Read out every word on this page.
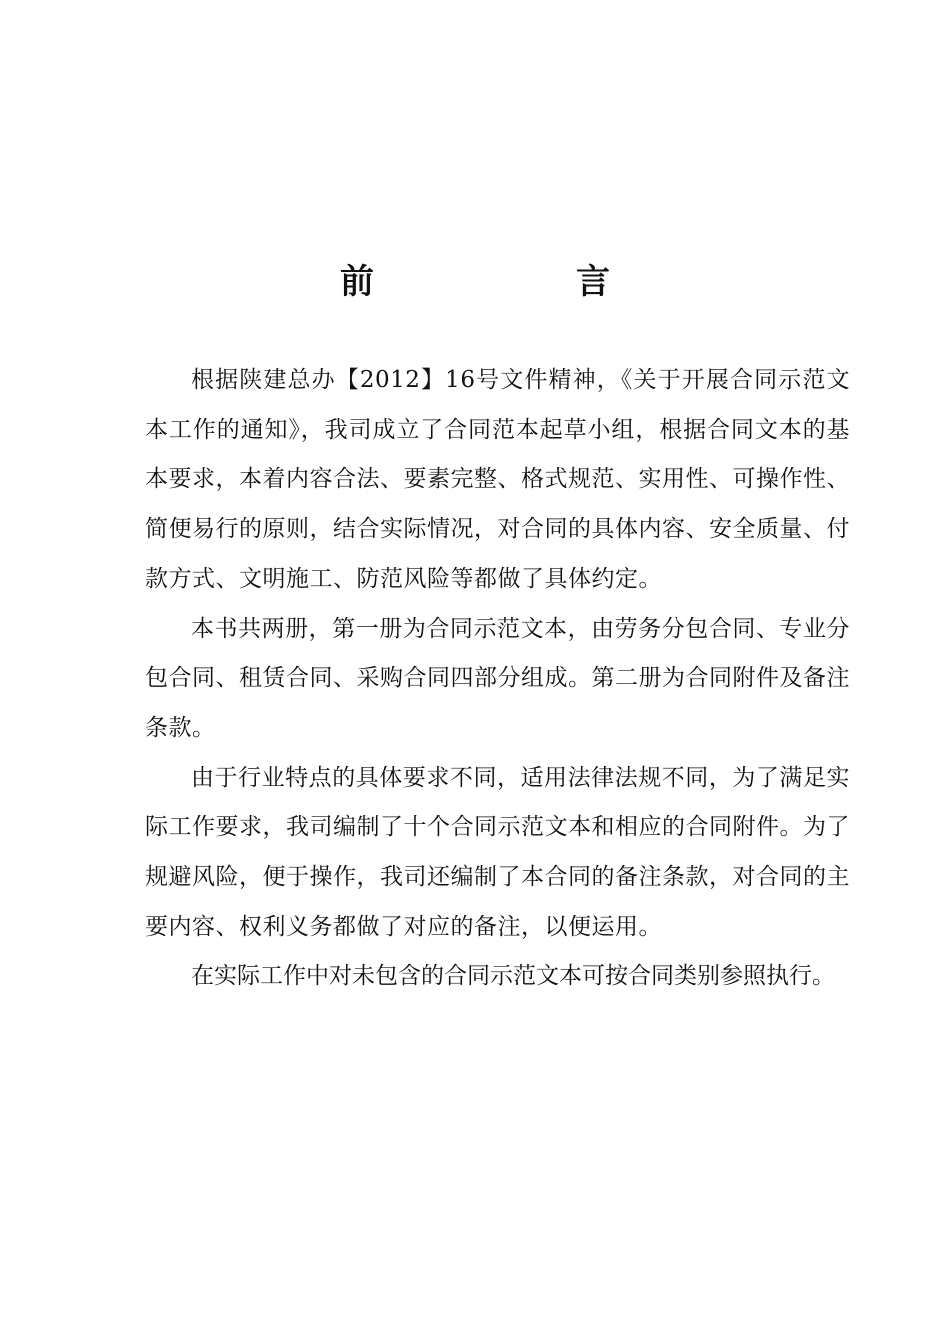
前　言

根据陕建总办【2012】16号文件精神，《关于开展合同示范文本工作的通知》，我司成立了合同范本起草小组，根据合同文本的基本要求，本着内容合法、要素完整、格式规范、实用性、可操作性、简便易行的原则，结合实际情况，对合同的具体内容、安全质量、付款方式、文明施工、防范风险等都做了具体约定。

本书共两册，第一册为合同示范文本，由劳务分包合同、专业分包合同、租赁合同、采购合同四部分组成。第二册为合同附件及备注条款。

由于行业特点的具体要求不同，适用法律法规不同，为了满足实际工作要求，我司编制了十个合同示范文本和相应的合同附件。为了规避风险，便于操作，我司还编制了本合同的备注条款，对合同的主要内容、权利义务都做了对应的备注，以便运用。

在实际工作中对未包含的合同示范文本可按合同类别参照执行。
